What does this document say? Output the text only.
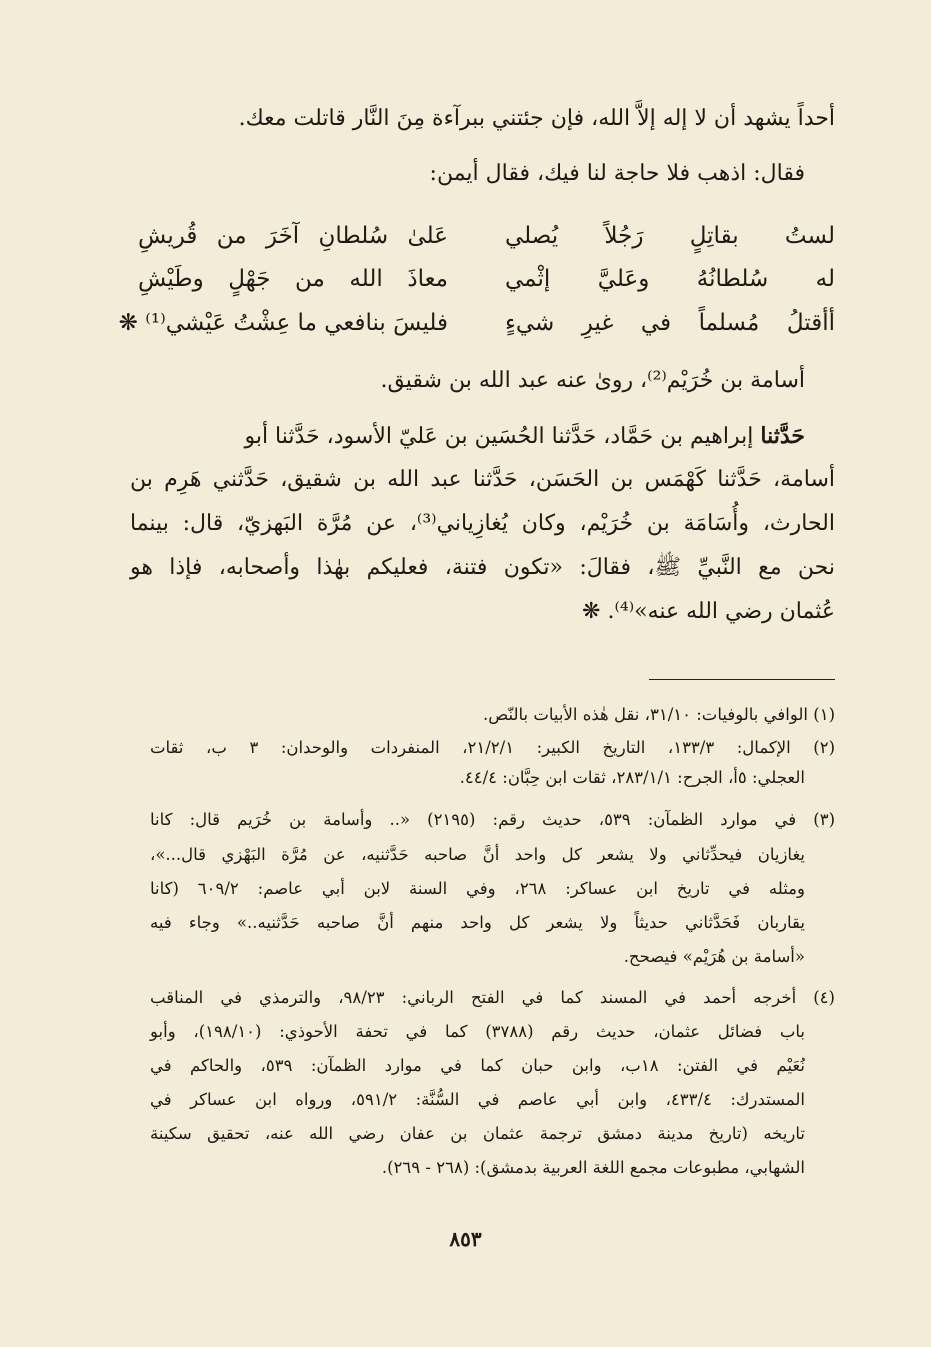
أحداً يشهد أن لا إله إلاَّ الله، فإن جئتني ببرآءة مِنَ النَّار قاتلت معك.
فقال: اذهب فلا حاجة لنا فيك، فقال أيمن:
لستُ بقاتِلٍ رَجُلاً يُصلي
عَلىٰ سُلطانِ آخَرَ من قُريشِ
له سُلطانُهُ وعَليَّ إثْمي
معاذَ الله من جَهْلٍ وطَيْشِ
أأقتلُ مُسلماً في غيرِ شيءٍ
فليسَ بنافعي ما عِشْتُ عَيْشي⁽¹⁾ ❋
أسامة بن خُرَيْم⁽²⁾، روىٰ عنه عبد الله بن شقيق.
حَدَّثنا إبراهيم بن حَمَّاد، حَدَّثنا الحُسَين بن عَليّ الأسود، حَدَّثنا أبو
أسامة، حَدَّثنا كَهْمَس بن الحَسَن، حَدَّثنا عبد الله بن شقيق، حَدَّثني هَرِم بن
الحارث، وأُسَامَة بن خُرَيْم، وكان يُغازِياني⁽³⁾، عن مُرَّة البَهزيّ، قال: بينما
نحن مع النَّبيِّ ﷺ، فقالَ: «تكون فتنة، فعليكم بهٰذا وأصحابه، فإذا هو
عُثمان رضي الله عنه»⁽⁴⁾. ❋
(١) الوافي بالوفيات: ٣١/١٠، نقل هٰذه الأبيات بالنّص.
(٢) الإكمال: ١٣٣/٣، التاريخ الكبير: ٢١/٢/١، المنفردات والوحدان: ٣ ب، ثقات
العجلي: ٥أ، الجرح: ٢٨٣/١/١، ثقات ابن حِبَّان: ٤٤/٤.
(٣) في موارد الظمآن: ٥٣٩، حديث رقم: (٢١٩٥) «.. وأسامة بن خُرَيم قال: كانا
يغازيان فيحدِّثاني ولا يشعر كل واحد أنَّ صاحبه حَدَّثنيه، عن مُرَّة البَهْزي قال...»،
ومثله في تاريخ ابن عساكر: ٢٦٨، وفي السنة لابن أبي عاصم: ٦٠٩/٢ (كانا
يقاربان فَحَدَّثاني حديثاً ولا يشعر كل واحد منهم أنَّ صاحبه حَدَّثنيه..» وجاء فيه
«أسامة بن هُرَيْم» فيصحح.
(٤) أخرجه أحمد في المسند كما في الفتح الرباني: ٩٨/٢٣، والترمذي في المناقب
باب فضائل عثمان، حديث رقم (٣٧٨٨) كما في تحفة الأحوذي: (١٩٨/١٠)، وأبو
نُعَيْم في الفتن: ١٨ب، وابن حبان كما في موارد الظمآن: ٥٣٩، والحاكم في
المستدرك: ٤٣٣/٤، وابن أبي عاصم في السُّنَّة: ٥٩١/٢، ورواه ابن عساكر في
تاريخه (تاريخ مدينة دمشق ترجمة عثمان بن عفان رضي الله عنه، تحقيق سكينة
الشهابي، مطبوعات مجمع اللغة العربية بدمشق): (٢٦٨ - ٢٦٩).
٨٥٣
